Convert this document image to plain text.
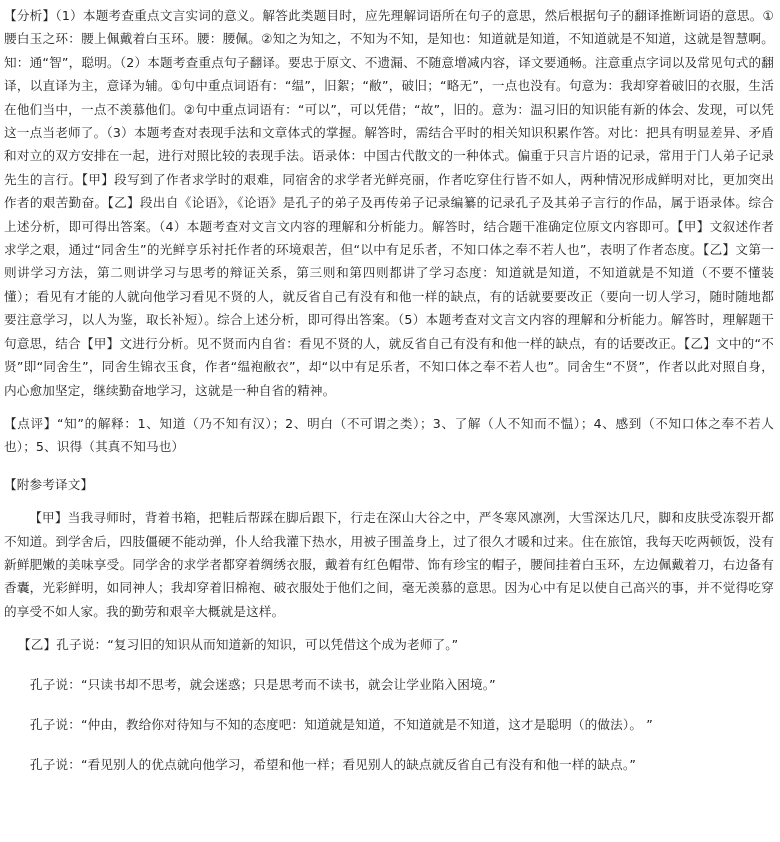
【分析】（1）本题考查重点文言实词的意义。解答此类题目时，应先理解词语所在句子的意思，然后根据句子的翻译推断词语的意思。①腰白玉之环：腰上佩戴着白玉环。腰：腰佩。②知之为知之，不知为不知，是知也：知道就是知道，不知道就是不知道，这就是智慧啊。知：通“智”，聪明。（2）本题考查重点句子翻译。要忠于原文、不遗漏、不随意增减内容，译文要通畅。注意重点字词以及常见句式的翻译，以直译为主，意译为辅。①句中重点词语有：“缊”，旧絮；“敝”，破旧；“略无”，一点也没有。句意为：我却穿着破旧的衣服，生活在他们当中，一点不羡慕他们。②句中重点词语有：“可以”，可以凭借；“故”，旧的。意为：温习旧的知识能有新的体会、发现，可以凭这一点当老师了。（3）本题考查对表现手法和文章体式的掌握。解答时，需结合平时的相关知识积累作答。对比：把具有明显差异、矛盾和对立的双方安排在一起，进行对照比较的表现手法。语录体：中国古代散文的一种体式。偏重于只言片语的记录，常用于门人弟子记录先生的言行。【甲】段写到了作者求学时的艰难，同宿舍的求学者光鲜亮丽，作者吃穿住行皆不如人，两种情况形成鲜明对比，更加突出作者的艰苦勤奋。【乙】段出自《论语》，《论语》是孔子的弟子及再传弟子记录编纂的记录孔子及其弟子言行的作品，属于语录体。综合上述分析，即可得出答案。（4）本题考查对文言文内容的理解和分析能力。解答时，结合题干准确定位原文内容即可。【甲】文叙述作者求学之艰，通过“同舍生”的光鲜亨乐衬托作者的环境艰苦，但“以中有足乐者，不知口体之奉不若人也”，表明了作者态度。【乙】文第一则讲学习方法，第二则讲学习与思考的辩证关系，第三则和第四则都讲了学习态度：知道就是知道，不知道就是不知道（不要不懂装懂）；看见有才能的人就向他学习看见不贤的人，就反省自己有没有和他一样的缺点，有的话就要要改正（要向一切人学习，随时随地都要注意学习，以人为鉴，取长补短）。综合上述分析，即可得出答案。（5）本题考查对文言文内容的理解和分析能力。解答时，理解题干句意思，结合【甲】文进行分析。见不贤而内自省：看见不贤的人，就反省自己有没有和他一样的缺点，有的话要改正。【乙】文中的“不贤”即“同舍生”，同舍生锦衣玉食，作者“缊袍敝衣”，却“以中有足乐者，不知口体之奉不若人也”。同舍生“不贤”，作者以此对照自身，内心愈加坚定，继续勤奋地学习，这就是一种自省的精神。

【点评】“知”的解释：1、知道（乃不知有汉）；2、明白（不可谓之类）；3、了解（人不知而不愠）；4、感到（不知口体之奉不若人也）；5、识得（其真不知马也）

【附参考译文】

【甲】当我寻师时，背着书箱，把鞋后帮踩在脚后跟下，行走在深山大谷之中，严冬寒风凛冽，大雪深达几尺，脚和皮肤受冻裂开都不知道。到学舍后，四肢僵硬不能动弹，仆人给我灌下热水，用被子围盖身上，过了很久才暖和过来。住在旅馆，我每天吃两顿饭，没有新鲜肥嫩的美味享受。同学舍的求学者都穿着绸绣衣服，戴着有红色帽带、饰有珍宝的帽子，腰间挂着白玉环，左边佩戴着刀，右边备有香囊，光彩鲜明，如同神人；我却穿着旧棉袍、破衣服处于他们之间，毫无羡慕的意思。因为心中有足以使自己高兴的事，并不觉得吃穿的享受不如人家。我的勤劳和艰辛大概就是这样。

【乙】孔子说：“复习旧的知识从而知道新的知识，可以凭借这个成为老师了。”

孔子说：“只读书却不思考，就会迷惑；只是思考而不读书，就会让学业陷入困境。”

孔子说：“仲由，教给你对待知与不知的态度吧：知道就是知道，不知道就是不知道，这才是聪明（的做法）。 ”

孔子说：“看见别人的优点就向他学习，希望和他一样；看见别人的缺点就反省自己有没有和他一样的缺点。”
